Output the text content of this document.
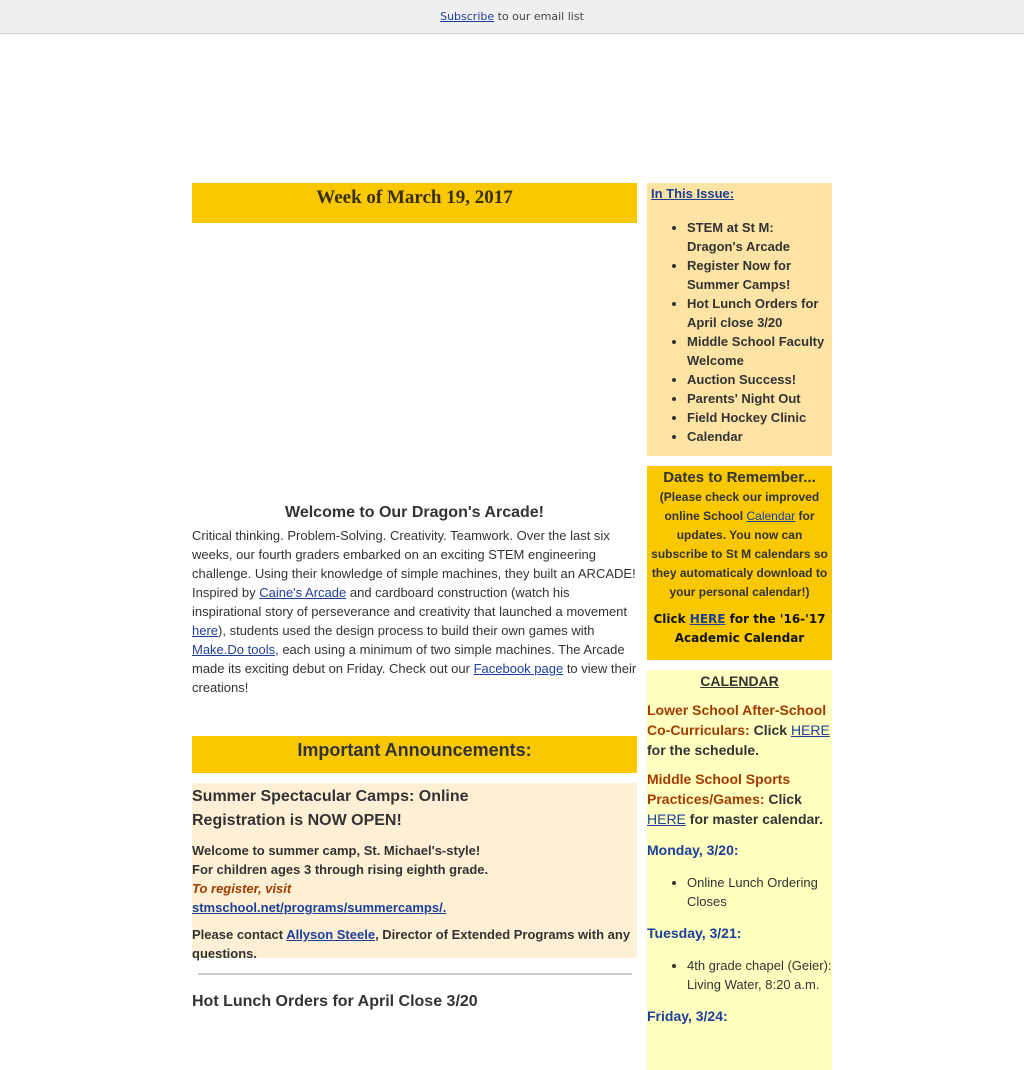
Subscribe to our email list
Week of March 19, 2017
Welcome to Our Dragon's Arcade!
Critical thinking. Problem-Solving. Creativity. Teamwork. Over the last six weeks, our fourth graders embarked on an exciting STEM engineering challenge. Using their knowledge of simple machines, they built an ARCADE! Inspired by Caine's Arcade and cardboard construction (watch his inspirational story of perseverance and creativity that launched a movement here), students used the design process to build their own games with Make.Do tools, each using a minimum of two simple machines. The Arcade made its exciting debut on Friday. Check out our Facebook page to view their creations!
Important Announcements:
Summer Spectacular Camps: Online Registration is NOW OPEN!

Welcome to summer camp, St. Michael's-style! For children ages 3 through rising eighth grade. To register, visit stmschool.net/programs/summercamps/.

Please contact Allyson Steele, Director of Extended Programs with any questions.

Hot Lunch Orders for April Close 3/20
In This Issue:
• STEM at St M: Dragon's Arcade
• Register Now for Summer Camps!
• Hot Lunch Orders for April close 3/20
• Middle School Faculty Welcome
• Auction Success!
• Parents' Night Out
• Field Hockey Clinic
• Calendar
Dates to Remember...
(Please check our improved online School Calendar for updates. You now can subscribe to St M calendars so they automaticaly download to your personal calendar!)
Click HERE for the '16-'17 Academic Calendar
CALENDAR

Lower School After-School Co-Curriculars: Click HERE for the schedule.

Middle School Sports Practices/Games: Click HERE for master calendar.

Monday, 3/20:
• Online Lunch Ordering Closes
Tuesday, 3/21:
• 4th grade chapel (Geier): Living Water, 8:20 a.m.
Friday, 3/24:
